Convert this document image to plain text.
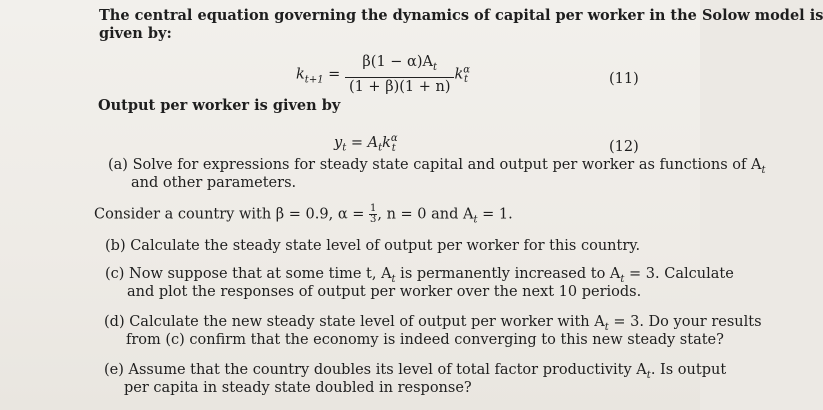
The central equation governing the dynamics of capital per worker in the Solow model is
given by:
$k_{t+1} = \frac{\beta(1 - \alpha)A_t}{(1 + \beta)(1 + n)} k^\alpha_t$	(11)
Output per worker is given by
$y_t = A_tk^\alpha_t$	(12)
(a) Solve for expressions for steady state capital and output per worker as functions of $A_t$
and other parameters.
Consider a country with β = 0.9, $\alpha = \frac{1}{3}$ , n = 0 and $A_t = 1$.
(b) Calculate the steady state level of output per worker for this country.
(c) Now suppose that at some time t, $A_t$ is permanently increased to $A_t = 3$. Calculate
and plot the responses of output per worker over the next 10 periods.
(d) Calculate the new steady state level of output per worker with $A_t = 3$. Do your results
from (c) confirm that the economy is indeed converging to this new steady state?
(e) Assume that the country doubles its level of total factor productivity $A_t$. Is output
per capita in steady state doubled in response?
